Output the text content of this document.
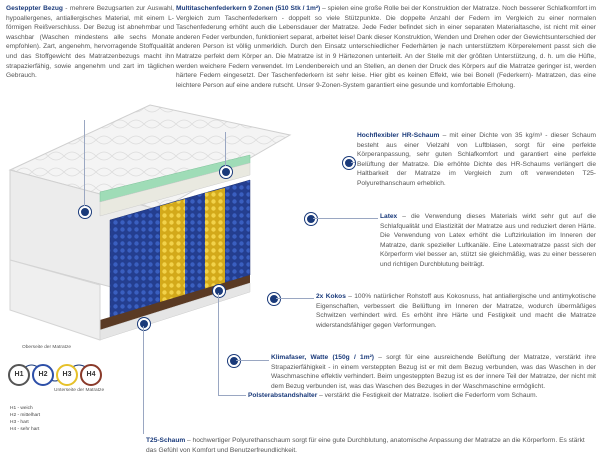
Gesteppter Bezug - mehrere Bezugsarten zur Auswahl, hypoallergenes, antiallergisches Material, mit einem L-förmigen Reißverschluss. Der Bezug ist abnehmbar und waschbar (Waschen mindestens alle sechs Monate empfohlen). Zart, angenehm, hervorragende Stoffqualität und das Stoffgewicht des Matratzenbezugs macht ihn strapazierfähig, sowie angenehm und zart im täglichen Gebrauch.
Multitaschenfederkern 9 Zonen (510 Stk / 1m²) – spielen eine große Rolle bei der Konstruktion der Matratze. Noch besserer Schlafkomfort im Vergleich zum Taschenfederkern - doppelt so viele Stützpunkte. Die doppelte Anzahl der Federn im Vergleich zu einer normalen Taschenfederung erhöht auch die Lebensdauer der Matratze. Jede Feder befindet sich in einer separaten Materialtasche, ist nicht mit einer anderen Feder verbunden, funktioniert separat, arbeitet leise! Dank dieser Konstruktion, Wenden und Drehen oder der Gewichtsunterschied der anderen Person ist völlig unmerklich. Durch den Einsatz unterschiedlicher Federhärten je nach unterstütztem Körperelement passt sich die Matratze perfekt dem Körper an. Die Matratze ist in 9 Härtezonen unterteilt. An der Stelle mit der größten Unterstützung, d. h. um die Hüfte, werden weichere Federn verwendet. Im Lendenbereich und an Stellen, an denen der Druck des Körpers auf die Matratze geringer ist, werden härtere Federn eingesetzt. Der Taschenfederkern ist sehr leise. Hier gibt es keinen Effekt, wie bei Bonell (Federkern)- Matratzen, das eine leichtere Person auf eine andere rutscht. Unser 9-Zonen-System garantiert eine gesunde und komfortable Erholung.
Hochflexibler HR-Schaum – mit einer Dichte von 35 kg/m³ - dieser Schaum besteht aus einer Vielzahl von Luftblasen, sorgt für eine perfekte Körperanpassung, sehr guten Schlafkomfort und garantiert eine perfekte Belüftung der Matratze. Die erhöhte Dichte des HR-Schaums verlängert die Haltbarkeit der Matratze im Vergleich zum oft verwendeten T25-Polyurethanschaum erheblich.
Latex – die Verwendung dieses Materials wirkt sehr gut auf die Schlafqualität und Elastizität der Matratze aus und reduziert deren Härte. Die Verwendung von Latex erhöht die Luftzirkulation im Inneren der Matratze, dank spezieller Luftkanäle. Eine Latexmatratze passt sich der Körperform viel besser an, stützt sie gleichmäßig, was zu einer besseren und richtigen Durchblutung beiträgt.
2x Kokos – 100% natürlicher Rohstoff aus Kokosnuss, hat antiallergische und antimykotische Eigenschaften, verbessert die Belüftung im Inneren der Matratze, wodurch übermäßiges Schwitzen verhindert wird. Es erhöht ihre Härte und Festigkeit und macht die Matratze widerstandsfähiger gegen Verformungen.
Klimafaser, Watte (150g / 1m²) – sorgt für eine ausreichende Belüftung der Matratze, verstärkt ihre Strapazierfähigkeit - in einem versteppten Bezug ist er mit dem Bezug verbunden, was das Waschen in der Waschmaschine effektiv verhindert. Beim ungesteppten Bezug ist es der innere Teil der Matratze, der nicht mit dem Bezug verbunden ist, was das Waschen des Bezuges in der Waschmaschine ermöglicht.
Polsterabstandshalter – verstärkt die Festigkeit der Matratze. Isoliert die Federform vom Schaum.
T25-Schaum – hochwertiger Polyurethanschaum sorgt für eine gute Durchblutung, anatomische Anpassung der Matratze an die Körperform. Es stärkt das Gefühl von Komfort und Benutzerfreundlichkeit.
Oberseite der Matratze
H1	H2	H3	H4
Unterseite der Matratze
H1 - weich
H2 - mittelhart
H3 - hart
H4 - sehr hart
